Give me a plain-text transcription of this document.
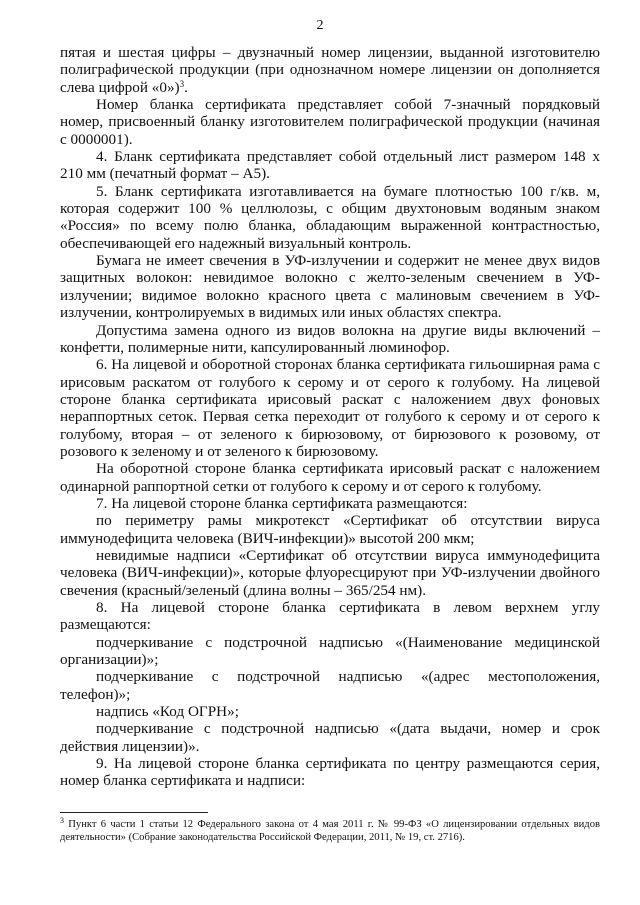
2

пятая и шестая цифры – двузначный номер лицензии, выданной изготовителю полиграфической продукции (при однозначном номере лицензии он дополняется слева цифрой «0»)$^3$.

Номер бланка сертификата представляет собой 7-значный порядковый номер, присвоенный бланку изготовителем полиграфической продукции (начиная с 0000001).

4. Бланк сертификата представляет собой отдельный лист размером 148 x 210 мм (печатный формат – А5).

5. Бланк сертификата изготавливается на бумаге плотностью 100 г/кв. м, которая содержит 100 % целлюлозы, с общим двухтоновым водяным знаком «Россия» по всему полю бланка, обладающим выраженной контрастностью, обеспечивающей его надежный визуальный контроль.

Бумага не имеет свечения в УФ-излучении и содержит не менее двух видов защитных волокон: невидимое волокно с желто-зеленым свечением в УФ-излучении; видимое волокно красного цвета с малиновым свечением в УФ-излучении, контролируемых в видимых или иных областях спектра.

Допустима замена одного из видов волокна на другие виды включений – конфетти, полимерные нити, капсулированный люминофор.

6. На лицевой и оборотной сторонах бланка сертификата гильоширная рама с ирисовым раскатом от голубого к серому и от серого к голубому. На лицевой стороне бланка сертификата ирисовый раскат с наложением двух фоновых нераппортных сеток. Первая сетка переходит от голубого к серому и от серого к голубому, вторая – от зеленого к бирюзовому, от бирюзового к розовому, от розового к зеленому и от зеленого к бирюзовому.

На оборотной стороне бланка сертификата ирисовый раскат с наложением одинарной раппортной сетки от голубого к серому и от серого к голубому.

7. На лицевой стороне бланка сертификата размещаются:

по периметру рамы микротекст «Сертификат об отсутствии вируса иммунодефицита человека (ВИЧ-инфекции)» высотой 200 мкм;

невидимые надписи «Сертификат об отсутствии вируса иммунодефицита человека (ВИЧ-инфекции)», которые флуоресцируют при УФ-излучении двойного свечения (красный/зеленый (длина волны – 365/254 нм).

8. На лицевой стороне бланка сертификата в левом верхнем углу размещаются:

подчеркивание с подстрочной надписью «(Наименование медицинской организации)»;

подчеркивание с подстрочной надписью «(адрес местоположения, телефон)»;

надпись «Код ОГРН»;

подчеркивание с подстрочной надписью «(дата выдачи, номер и срок действия лицензии)».

9. На лицевой стороне бланка сертификата по центру размещаются серия, номер бланка сертификата и надписи:

$^3$ Пункт 6 части 1 статьи 12 Федерального закона от 4 мая 2011 г. № 99-ФЗ «О лицензировании отдельных видов деятельности» (Собрание законодательства Российской Федерации, 2011, № 19, ст. 2716).
